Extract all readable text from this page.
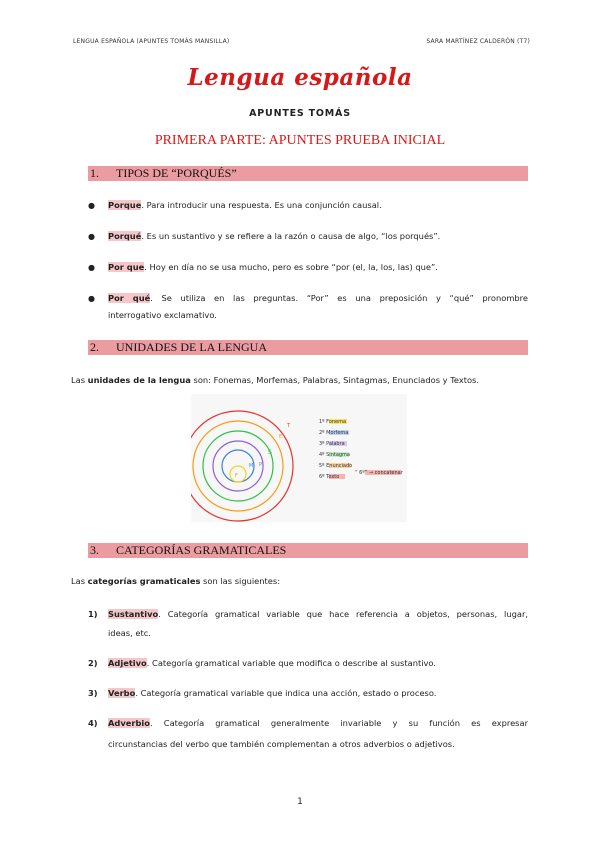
LENGUA ESPAÑOLA (APUNTES TOMÁS MANSILLA)	SARA MARTÍNEZ CALDERÓN (T7)
Lengua española
APUNTES TOMÁS
PRIMERA PARTE: APUNTES PRUEBA INICIAL
1. TIPOS DE “PORQUÉS”
● Porque. Para introducir una respuesta. Es una conjunción causal.
● Porqué. Es un sustantivo y se refiere a la razón o causa de algo, “los porqués”.
● Por que. Hoy en día no se usa mucho, pero es sobre “por (el, la, los, las) que”.
● Por qué. Se utiliza en las preguntas. “Por” es una preposición y “qué” pronombre
interrogativo exclamativo.
2. UNIDADES DE LA LENGUA
Las unidades de la lengua son: Fonemas, Morfemas, Palabras, Sintagmas, Enunciados y Textos.
T
E
S
P
M
F
1º Fonema
2º Morfema
3º Palabra
4º Sintagma
5º Enunciado
6º Texto
“ 6º” → concatenar
3. CATEGORÍAS GRAMATICALES
Las categorías gramaticales son las siguientes:
1) Sustantivo. Categoría gramatical variable que hace referencia a objetos, personas, lugar,
ideas, etc.
2) Adjetivo. Categoría gramatical variable que modifica o describe al sustantivo.
3) Verbo. Categoría gramatical variable que indica una acción, estado o proceso.
4) Adverbio. Categoría gramatical generalmente invariable y su función es expresar
circunstancias del verbo que también complementan a otros adverbios o adjetivos.
1
